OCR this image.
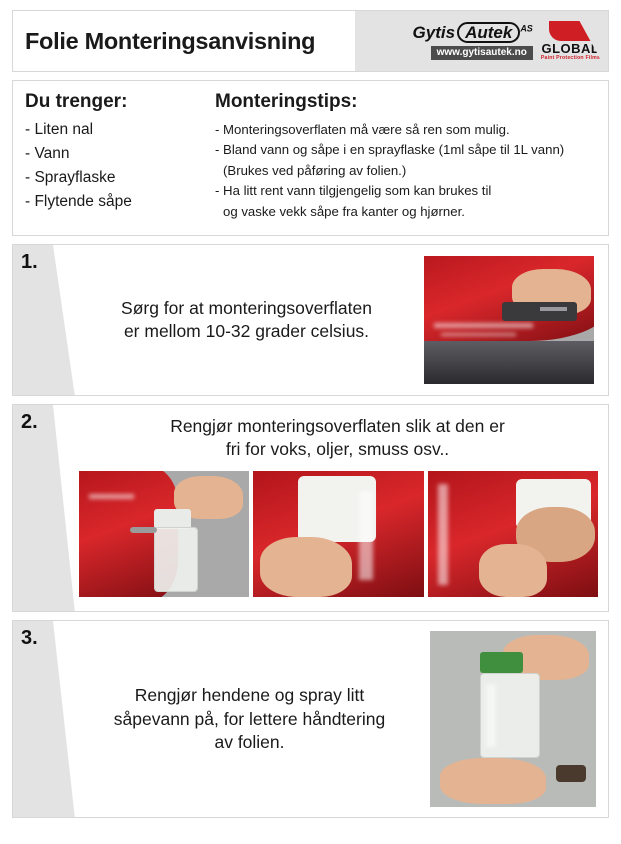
Folie Monteringsanvisning	Gytis Autek $^{AS}$
www.gytisautek.no	GLOBAL
Paint Protection Films
Du trenger:
- Liten nal
- Vann
- Sprayflaske
- Flytende såpe
Monteringstips:
- Monteringsoverflaten må være så ren som mulig.
- Bland vann og såpe i en sprayflaske (1ml såpe til 1L vann)
(Brukes ved påføring av folien.)
- Ha litt rent vann tilgjengelig som kan brukes til
og vaske vekk såpe fra kanter og hjørner.
1.
Sørg for at monteringsoverflaten
er mellom 10-32 grader celsius.
2.	Rengjør monteringsoverflaten slik at den er
fri for voks, oljer, smuss osv..
3.
Rengjør hendene og spray litt
såpevann på, for lettere håndtering
av folien.
